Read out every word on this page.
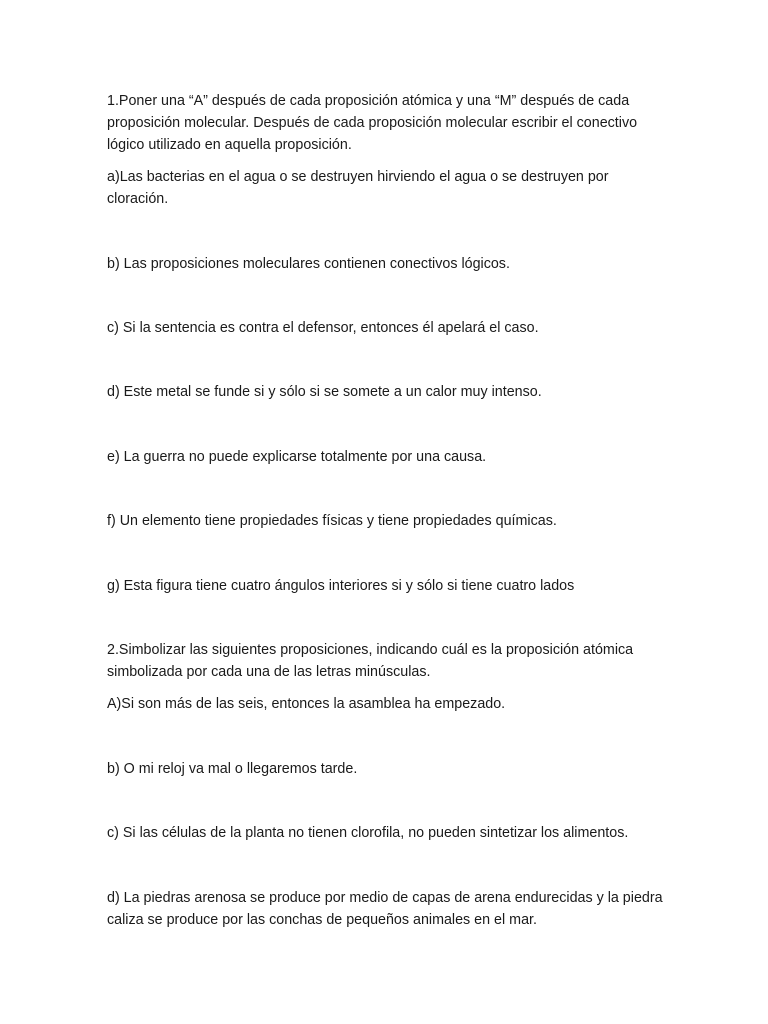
1.Poner una “A” después de cada proposición atómica y una “M” después de cada proposición molecular. Después de cada proposición molecular escribir el conectivo lógico utilizado en aquella proposición.

a)Las bacterias en el agua o se destruyen hirviendo el agua o se destruyen por cloración.

b) Las proposiciones moleculares contienen conectivos lógicos.

c) Si la sentencia es contra el defensor, entonces él apelará el caso.

d) Este metal se funde si y sólo si se somete a un calor muy intenso.

e) La guerra no puede explicarse totalmente por una causa.

f) Un elemento tiene propiedades físicas y tiene propiedades químicas.

g) Esta figura tiene cuatro ángulos interiores si y sólo si tiene cuatro lados

2.Simbolizar las siguientes proposiciones, indicando cuál es la proposición atómica simbolizada por cada una de las letras minúsculas.

A)Si son más de las seis, entonces la asamblea ha empezado.

b) O mi reloj va mal o llegaremos tarde.

c) Si las células de la planta no tienen clorofila, no pueden sintetizar los alimentos.

d) La piedras arenosa se produce por medio de capas de arena endurecidas y la piedra caliza se produce por las conchas de pequeños animales en el mar.
